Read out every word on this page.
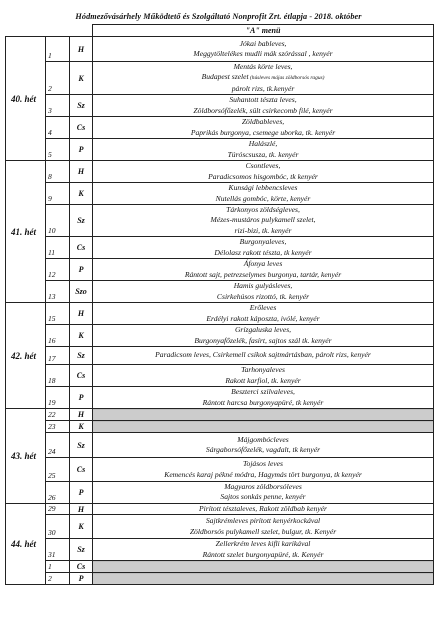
Hódmezővásárhely Működtető és Szolgáltató Nonprofit Zrt. étlapja - 2018. október
			"A" menü
40. hét	1	H	Jókai bableves,
Meggytöltelékes mudli mák szórással , kenyér

	2	K	Mentás körte leves,
Budapest szelet (húsleves májas zöldborsós ragus)
párolt rizs, tk.kenyér

	3	Sz	Suhantott tészta leves,
Zöldborsófőzelék, sült csirkecomb filé, kenyér

	4	Cs	Zöldbableves,
Paprikás burgonya, csemege uborka, tk. kenyér

	5	P	Halászlé,
Túróscsusza, tk. kenyér

41. hét	8	H	Csontleves,
Paradicsomos hisgombóc, tk kenyér

	9	K	Kunsági lebbencsleves
Nutellás gombóc, körte, kenyér

	10	Sz	Tárkonyos zöldségleves,
Mézes-mustáros pulykamell szelet,
rizi-bizi, tk. kenyér

	11	Cs	Burgonyaleves,
Délolasz rakott tészta, tk kenyér

	12	P	Áfonya leves
Rántott sajt, petrezselymes burgonya, tartár, kenyér

	13	Szo	Hamis gulyásleves,
Csirkehúsos rizottó, tk. kenyér

42. hét	15	H	Erőleves
Erdélyi rakott káposzta, ivólé, kenyér

	16	K	Grízgaluska leves,
Burgonyafőzelék, fasírt, sajtos szál tk. kenyér

	17	Sz	Paradicsom leves, Csirkemell csíkok sajtmártásban, párolt rizs, kenyér

	18	Cs	Tarhonyaleves
Rakott karfiol, tk. kenyér

	19	P	Beszterci szilvaleves,
Rántott harcsa burgonyapüré, tk kenyér

43. hét	22	H	
	23	K	
	24	Sz	Májgombócleves
Sárgaborsófőzelék, vagdalt, tk kenyér

	25	Cs	Tojásos leves
Kemencés karaj pékné módra, Hagymás tört burgonya, tk kenyér

	26	P	Magyaros zöldborsóleves
Sajtos sonkás penne, kenyér

44. hét	29	H	Pirított tésztaleves, Rakott zöldbab kenyér

	30	K	Sajtkrémleves pirított kenyérkockával
Zöldborsós pulykamell szelet, bulgur, tk. Kenyér

	31	Sz	Zellerkrém leves kifli karikával
Rántott szelet burgonyapüré, tk. Kenyér

	1	Cs	
	2	P	
